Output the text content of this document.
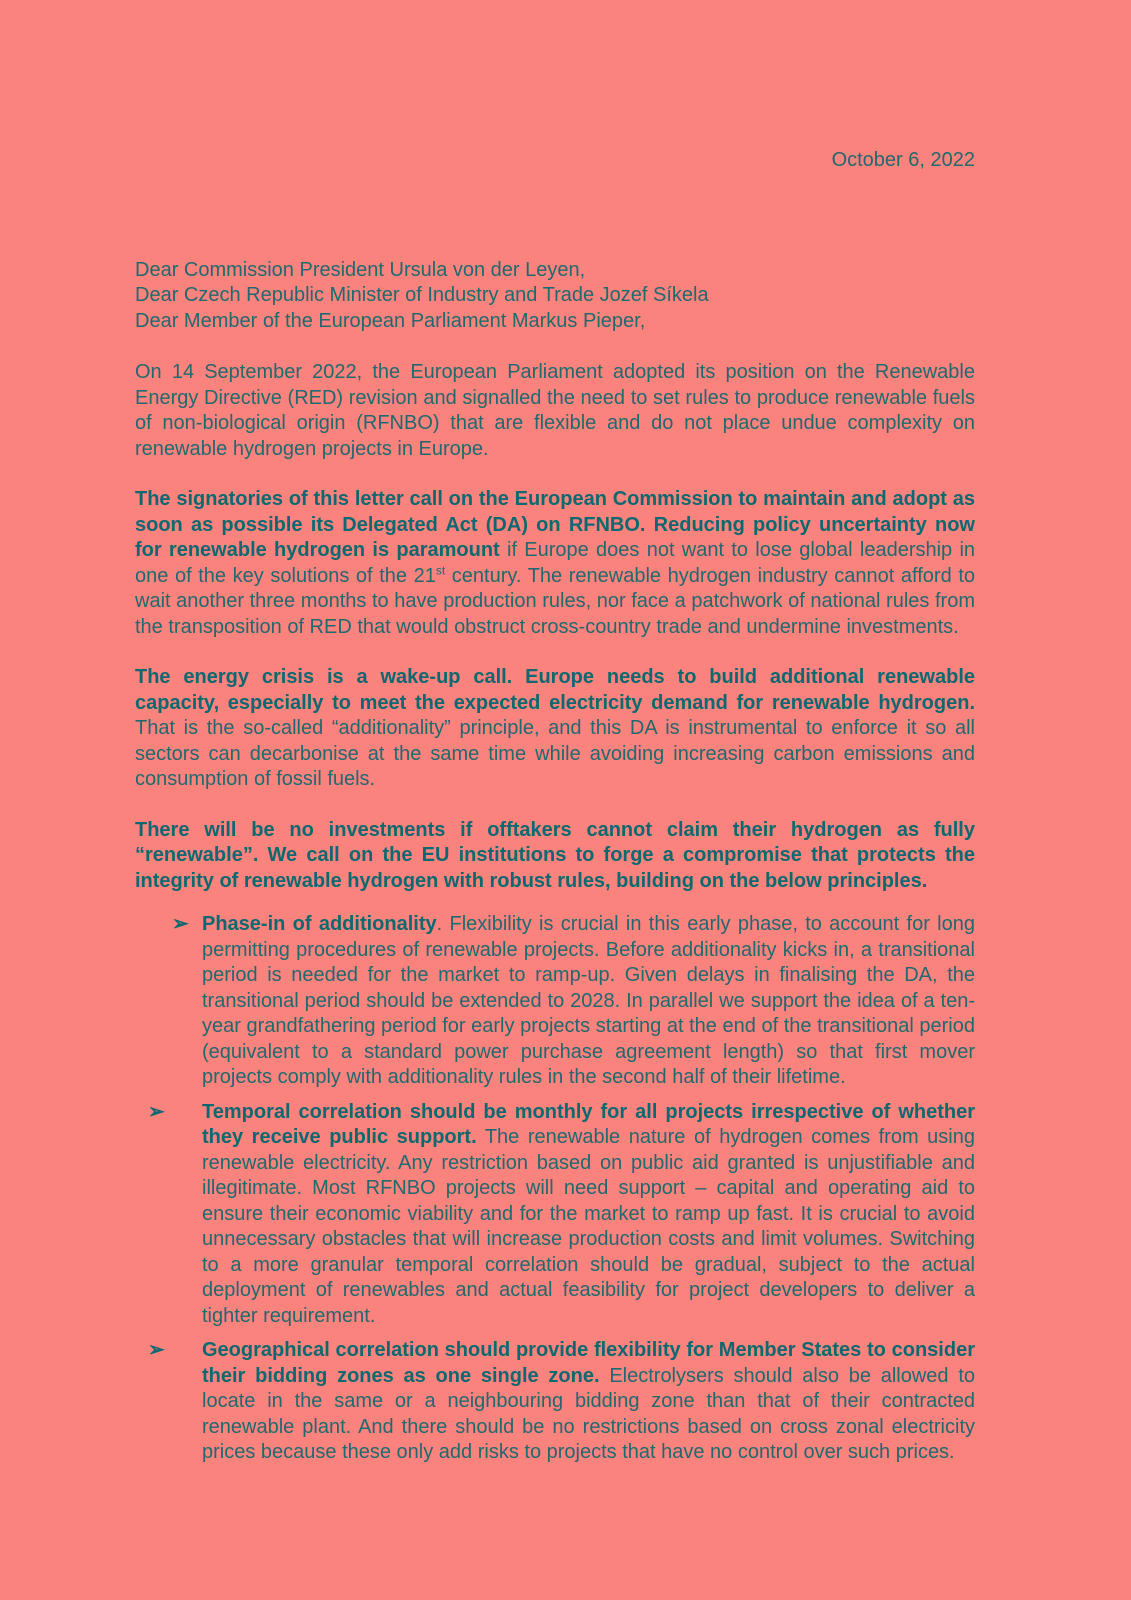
October 6, 2022
Dear Commission President Ursula von der Leyen,
Dear Czech Republic Minister of Industry and Trade Jozef Síkela
Dear Member of the European Parliament Markus Pieper,

On 14 September 2022, the European Parliament adopted its position on the Renewable Energy Directive (RED) revision and signalled the need to set rules to produce renewable fuels of non-biological origin (RFNBO) that are flexible and do not place undue complexity on renewable hydrogen projects in Europe.

The signatories of this letter call on the European Commission to maintain and adopt as soon as possible its Delegated Act (DA) on RFNBO. Reducing policy uncertainty now for renewable hydrogen is paramount if Europe does not want to lose global leadership in one of the key solutions of the 21st century. The renewable hydrogen industry cannot afford to wait another three months to have production rules, nor face a patchwork of national rules from the transposition of RED that would obstruct cross-country trade and undermine investments.

The energy crisis is a wake-up call. Europe needs to build additional renewable capacity, especially to meet the expected electricity demand for renewable hydrogen. That is the so-called “additionality” principle, and this DA is instrumental to enforce it so all sectors can decarbonise at the same time while avoiding increasing carbon emissions and consumption of fossil fuels.

There will be no investments if offtakers cannot claim their hydrogen as fully “renewable”. We call on the EU institutions to forge a compromise that protects the integrity of renewable hydrogen with robust rules, building on the below principles.

➢ Phase-in of additionality. Flexibility is crucial in this early phase, to account for long permitting procedures of renewable projects. Before additionality kicks in, a transitional period is needed for the market to ramp-up. Given delays in finalising the DA, the transitional period should be extended to 2028. In parallel we support the idea of a ten-year grandfathering period for early projects starting at the end of the transitional period (equivalent to a standard power purchase agreement length) so that first mover projects comply with additionality rules in the second half of their lifetime.
➢ Temporal correlation should be monthly for all projects irrespective of whether they receive public support. The renewable nature of hydrogen comes from using renewable electricity. Any restriction based on public aid granted is unjustifiable and illegitimate. Most RFNBO projects will need support – capital and operating aid to ensure their economic viability and for the market to ramp up fast. It is crucial to avoid unnecessary obstacles that will increase production costs and limit volumes. Switching to a more granular temporal correlation should be gradual, subject to the actual deployment of renewables and actual feasibility for project developers to deliver a tighter requirement.
➢ Geographical correlation should provide flexibility for Member States to consider their bidding zones as one single zone. Electrolysers should also be allowed to locate in the same or a neighbouring bidding zone than that of their contracted renewable plant. And there should be no restrictions based on cross zonal electricity prices because these only add risks to projects that have no control over such prices.
